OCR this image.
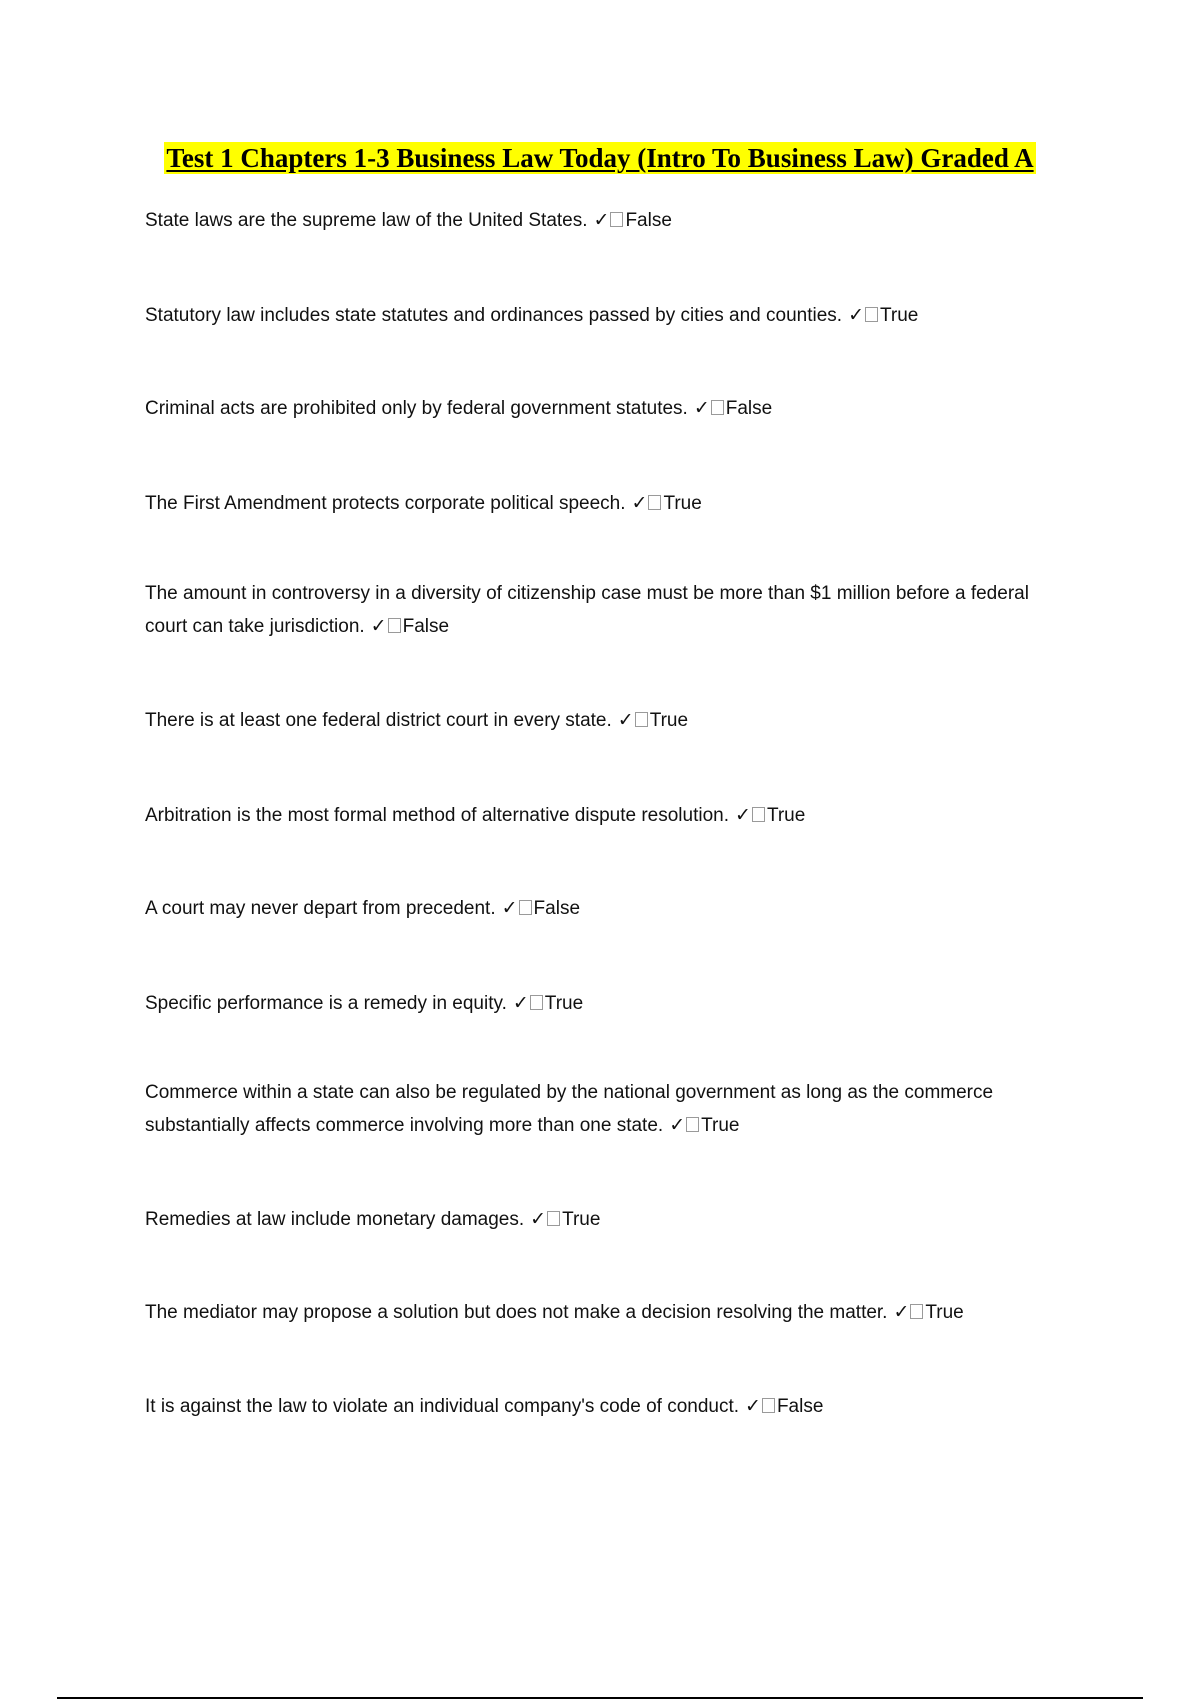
Test 1 Chapters 1-3 Business Law Today (Intro To Business Law) Graded A
State laws are the supreme law of the United States. ✓ False
Statutory law includes state statutes and ordinances passed by cities and counties. ✓ True
Criminal acts are prohibited only by federal government statutes. ✓ False
The First Amendment protects corporate political speech. ✓ True
The amount in controversy in a diversity of citizenship case must be more than $1 million before a federal court can take jurisdiction. ✓ False
There is at least one federal district court in every state. ✓ True
Arbitration is the most formal method of alternative dispute resolution. ✓ True
A court may never depart from precedent. ✓ False
Specific performance is a remedy in equity. ✓ True
Commerce within a state can also be regulated by the national government as long as the commerce substantially affects commerce involving more than one state. ✓ True
Remedies at law include monetary damages. ✓ True
The mediator may propose a solution but does not make a decision resolving the matter. ✓ True
It is against the law to violate an individual company's code of conduct. ✓ False
